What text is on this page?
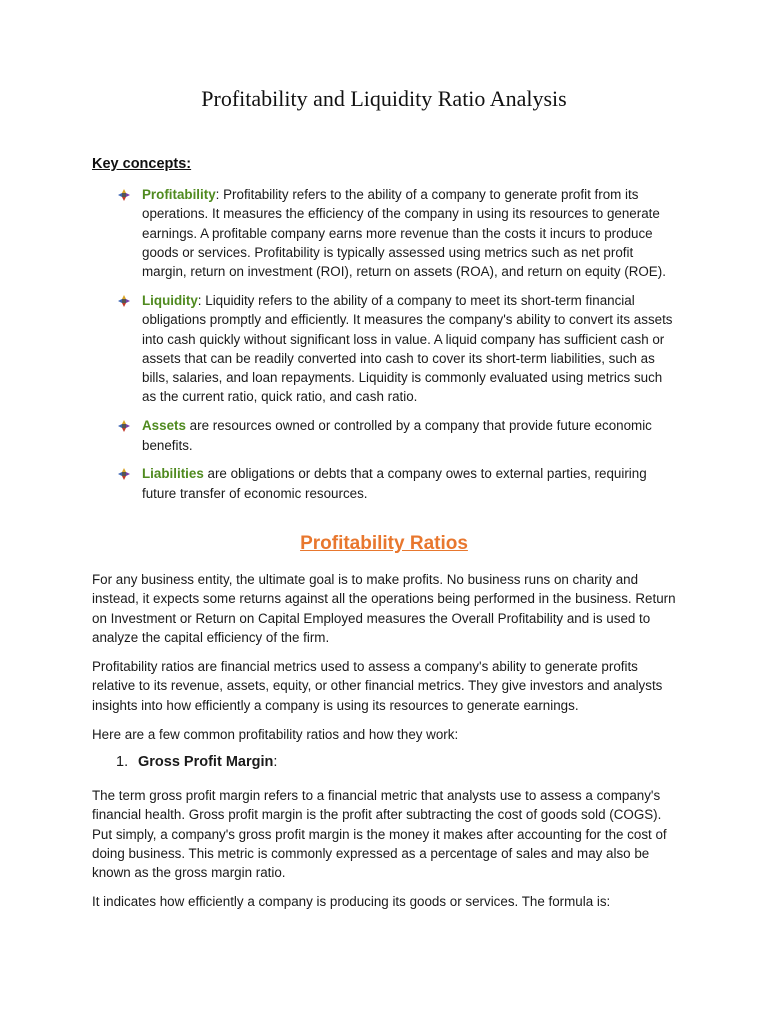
Profitability and Liquidity Ratio Analysis
Key concepts:
Profitability: Profitability refers to the ability of a company to generate profit from its operations. It measures the efficiency of the company in using its resources to generate earnings. A profitable company earns more revenue than the costs it incurs to produce goods or services. Profitability is typically assessed using metrics such as net profit margin, return on investment (ROI), return on assets (ROA), and return on equity (ROE).
Liquidity: Liquidity refers to the ability of a company to meet its short-term financial obligations promptly and efficiently. It measures the company's ability to convert its assets into cash quickly without significant loss in value. A liquid company has sufficient cash or assets that can be readily converted into cash to cover its short-term liabilities, such as bills, salaries, and loan repayments. Liquidity is commonly evaluated using metrics such as the current ratio, quick ratio, and cash ratio.
Assets are resources owned or controlled by a company that provide future economic benefits.
Liabilities are obligations or debts that a company owes to external parties, requiring future transfer of economic resources.
Profitability Ratios

For any business entity, the ultimate goal is to make profits. No business runs on charity and instead, it expects some returns against all the operations being performed in the business. Return on Investment or Return on Capital Employed measures the Overall Profitability and is used to analyze the capital efficiency of the firm.

Profitability ratios are financial metrics used to assess a company's ability to generate profits relative to its revenue, assets, equity, or other financial metrics. They give investors and analysts insights into how efficiently a company is using its resources to generate earnings.

Here are a few common profitability ratios and how they work:

1. Gross Profit Margin:

The term gross profit margin refers to a financial metric that analysts use to assess a company's financial health. Gross profit margin is the profit after subtracting the cost of goods sold (COGS). Put simply, a company's gross profit margin is the money it makes after accounting for the cost of doing business. This metric is commonly expressed as a percentage of sales and may also be known as the gross margin ratio.

It indicates how efficiently a company is producing its goods or services. The formula is:
